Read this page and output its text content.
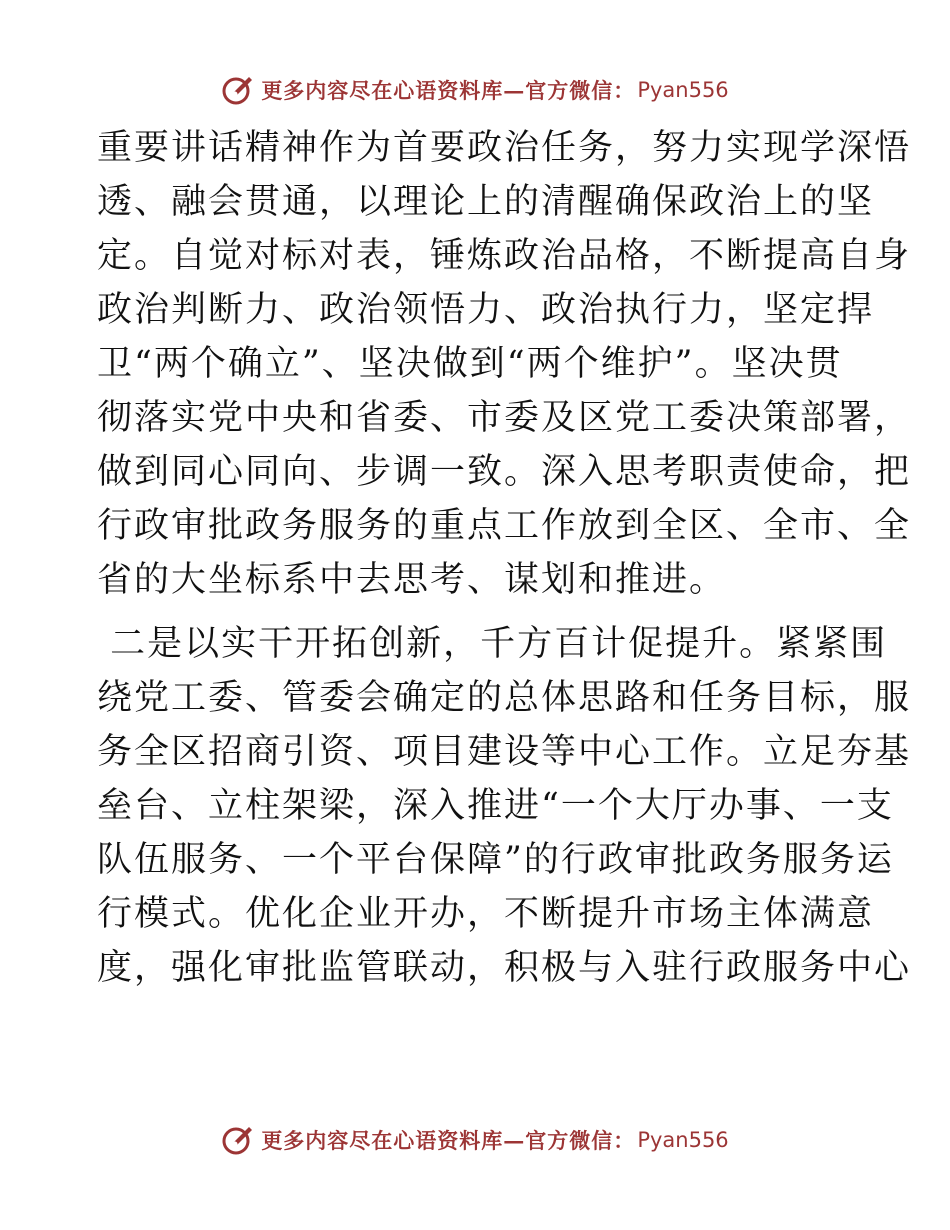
更多内容尽在心语资料库—官方微信： Pyan556
重要讲话精神作为首要政治任务，努力实现学深悟
透、融会贯通，以理论上的清醒确保政治上的坚
定。自觉对标对表，锤炼政治品格，不断提高自身
政治判断力、政治领悟力、政治执行力，坚定捍
卫“两个确立”、坚决做到“两个维护”。坚决贯
彻落实党中央和省委、市委及区党工委决策部署，
做到同心同向、步调一致。深入思考职责使命，把
行政审批政务服务的重点工作放到全区、全市、全
省的大坐标系中去思考、谋划和推进。
二是以实干开拓创新，千方百计促提升。紧紧围
绕党工委、管委会确定的总体思路和任务目标，服
务全区招商引资、项目建设等中心工作。立足夯基
垒台、立柱架梁，深入推进“一个大厅办事、一支
队伍服务、一个平台保障”的行政审批政务服务运
行模式。优化企业开办，不断提升市场主体满意
度，强化审批监管联动，积极与入驻行政服务中心
更多内容尽在心语资料库—官方微信： Pyan556
